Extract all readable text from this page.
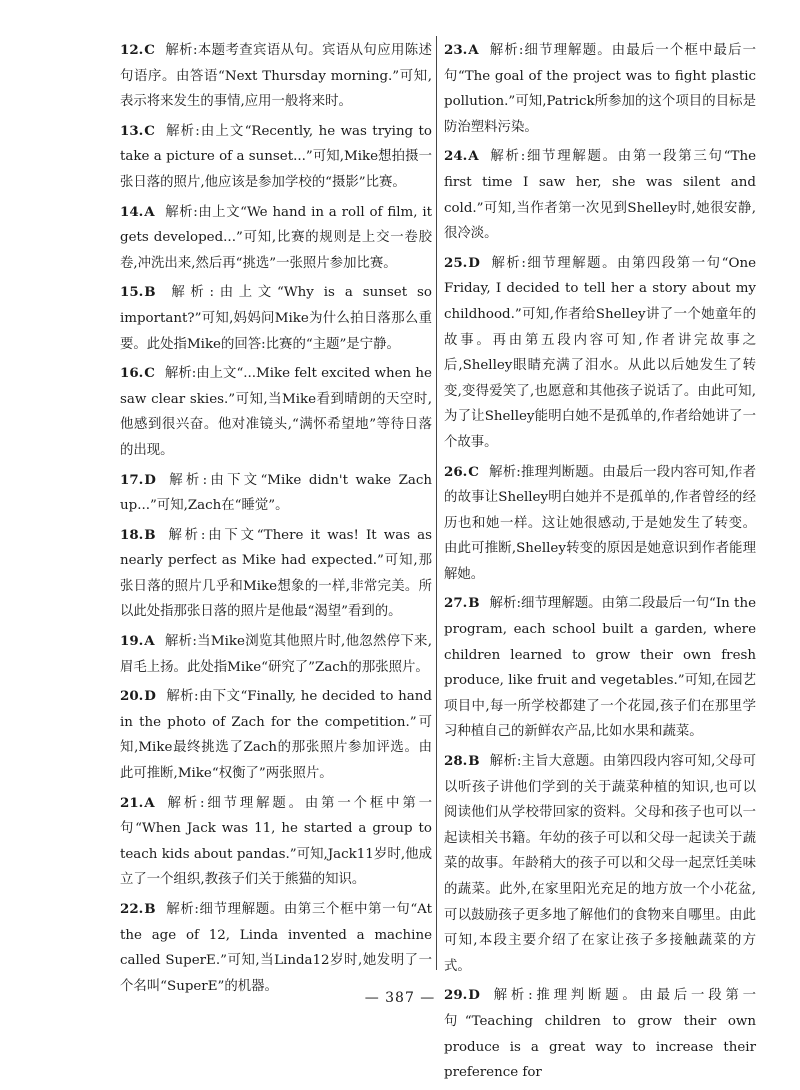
12.C 解析:本题考查宾语从句。宾语从句应用陈述句语序。由答语“Next Thursday morning.”可知,表示将来发生的事情,应用一般将来时。

13.C 解析:由上文“Recently, he was trying to take a picture of a sunset...”可知,Mike想拍摄一张日落的照片,他应该是参加学校的“摄影”比赛。

14.A 解析:由上文“We hand in a roll of film, it gets developed...”可知,比赛的规则是上交一卷胶卷,冲洗出来,然后再“挑选”一张照片参加比赛。

15.B 解析:由上文“Why is a sunset so important?”可知,妈妈问Mike为什么拍日落那么重要。此处指Mike的回答:比赛的“主题”是宁静。

16.C 解析:由上文“...Mike felt excited when he saw clear skies.”可知,当Mike看到晴朗的天空时,他感到很兴奋。他对准镜头,“满怀希望地”等待日落的出现。

17.D 解析:由下文“Mike didn't wake Zach up...”可知,Zach在“睡觉”。

18.B 解析:由下文“There it was! It was as nearly perfect as Mike had expected.”可知,那张日落的照片几乎和Mike想象的一样,非常完美。所以此处指那张日落的照片是他最“渴望”看到的。

19.A 解析:当Mike浏览其他照片时,他忽然停下来,眉毛上扬。此处指Mike“研究了”Zach的那张照片。

20.D 解析:由下文“Finally, he decided to hand in the photo of Zach for the competition.”可知,Mike最终挑选了Zach的那张照片参加评选。由此可推断,Mike“权衡了”两张照片。

21.A 解析:细节理解题。由第一个框中第一句“When Jack was 11, he started a group to teach kids about pandas.”可知,Jack11岁时,他成立了一个组织,教孩子们关于熊猫的知识。

22.B 解析:细节理解题。由第三个框中第一句“At the age of 12, Linda invented a machine called SuperE.”可知,当Linda12岁时,她发明了一个名叫“SuperE”的机器。

23.A 解析:细节理解题。由最后一个框中最后一句“The goal of the project was to fight plastic pollution.”可知,Patrick所参加的这个项目的目标是防治塑料污染。

24.A 解析:细节理解题。由第一段第三句“The first time I saw her, she was silent and cold.”可知,当作者第一次见到Shelley时,她很安静,很冷淡。

25.D 解析:细节理解题。由第四段第一句“One Friday, I decided to tell her a story about my childhood.”可知,作者给Shelley讲了一个她童年的故事。再由第五段内容可知,作者讲完故事之后,Shelley眼睛充满了泪水。从此以后她发生了转变,变得爱笑了,也愿意和其他孩子说话了。由此可知,为了让Shelley能明白她不是孤单的,作者给她讲了一个故事。

26.C 解析:推理判断题。由最后一段内容可知,作者的故事让Shelley明白她并不是孤单的,作者曾经的经历也和她一样。这让她很感动,于是她发生了转变。由此可推断,Shelley转变的原因是她意识到作者能理解她。

27.B 解析:细节理解题。由第二段最后一句“In the program, each school built a garden, where children learned to grow their own fresh produce, like fruit and vegetables.”可知,在园艺项目中,每一所学校都建了一个花园,孩子们在那里学习种植自己的新鲜农产品,比如水果和蔬菜。

28.B 解析:主旨大意题。由第四段内容可知,父母可以听孩子讲他们学到的关于蔬菜种植的知识,也可以阅读他们从学校带回家的资料。父母和孩子也可以一起读相关书籍。年幼的孩子可以和父母一起读关于蔬菜的故事。年龄稍大的孩子可以和父母一起烹饪美味的蔬菜。此外,在家里阳光充足的地方放一个小花盆,可以鼓励孩子更多地了解他们的食物来自哪里。由此可知,本段主要介绍了在家让孩子多接触蔬菜的方式。

29.D 解析:推理判断题。由最后一段第一句“Teaching children to grow their own produce is a great way to increase their preference for

— 387 —
